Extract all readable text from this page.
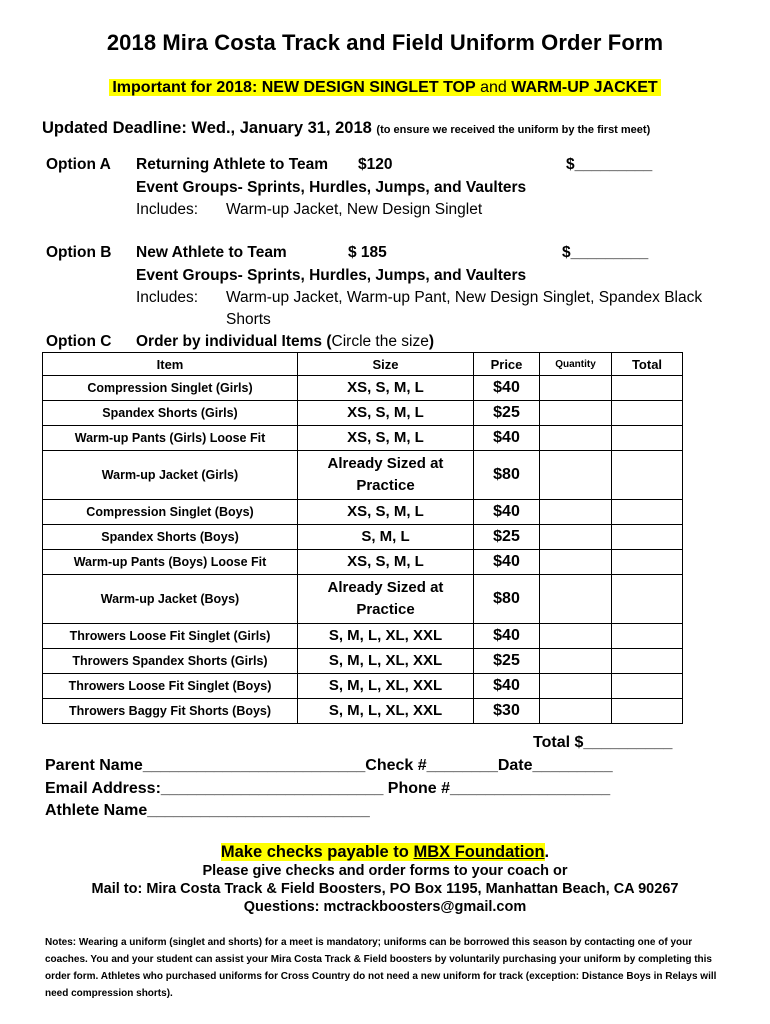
2018 Mira Costa Track and Field Uniform Order Form
Important for 2018: NEW DESIGN SINGLET TOP and WARM-UP JACKET
Updated Deadline: Wed., January 31, 2018 (to ensure we received the uniform by the first meet)
Option A Returning Athlete to Team $120	$_________
Event Groups- Sprints, Hurdles, Jumps, and Vaulters
Includes: Warm-up Jacket, New Design Singlet
Option B New Athlete to Team	$ 185	$_________
Event Groups- Sprints, Hurdles, Jumps, and Vaulters
Includes: Warm-up Jacket, Warm-up Pant, New Design Singlet, Spandex Black
Shorts
Option C Order by individual Items (Circle the size)
Item	Size	Price	Quantity	Total
Compression Singlet (Girls)	XS, S, M, L	$40		
Spandex Shorts (Girls)	XS, S, M, L	$25		
Warm-up Pants (Girls) Loose Fit	XS, S, M, L	$40		
Warm-up Jacket (Girls)	Already Sized at Practice	$80		
Compression Singlet (Boys)	XS, S, M, L	$40		
Spandex Shorts (Boys)	S, M, L	$25		
Warm-up Pants (Boys) Loose Fit	XS, S, M, L	$40		
Warm-up Jacket (Boys)	Already Sized at Practice	$80		
Throwers Loose Fit Singlet (Girls)	S, M, L, XL, XXL	$40		
Throwers Spandex Shorts (Girls)	S, M, L, XL, XXL	$25		
Throwers Loose Fit Singlet (Boys)	S, M, L, XL, XXL	$40		
Throwers Baggy Fit Shorts (Boys)	S, M, L, XL, XXL	$30		
Total $__________
Parent Name_________________________Check #________Date_________
Email Address:_________________________ Phone #__________________
Athlete Name_________________________
Make checks payable to MBX Foundation.
Please give checks and order forms to your coach or
Mail to: Mira Costa Track & Field Boosters, PO Box 1195, Manhattan Beach, CA 90267
Questions: mctrackboosters@gmail.com
Notes: Wearing a uniform (singlet and shorts) for a meet is mandatory; uniforms can be borrowed this season by contacting one of your coaches. You and your student can assist your Mira Costa Track & Field boosters by voluntarily purchasing your uniform by completing this order form. Athletes who purchased uniforms for Cross Country do not need a new uniform for track (exception: Distance Boys in Relays will need compression shorts).
